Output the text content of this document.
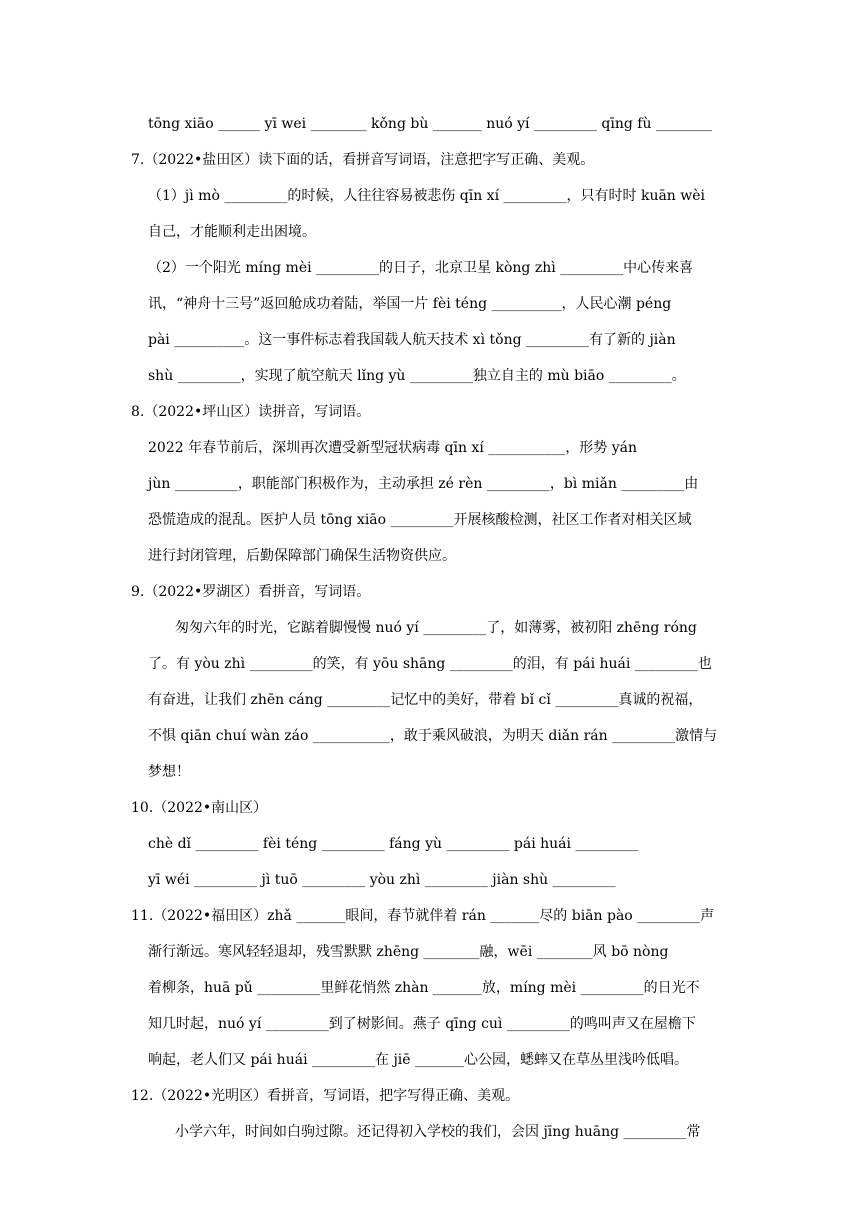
tōng xiāo ______ yī wei ________ kǒng bù _______ nuó yí _________ qīng fù ________
7.（2022•盐田区）读下面的话，看拼音写词语，注意把字写正确、美观。
（1）jì mò _________的时候，人往往容易被悲伤 qīn xí _________，只有时时 kuān wèi
自己，才能顺利走出困境。
（2）一个阳光 míng mèi _________的日子，北京卫星 kòng zhì _________中心传来喜
讯，“神舟十三号”返回舱成功着陆，举国一片 fèi téng __________，人民心潮 péng
pài __________。这一事件标志着我国载人航天技术 xì tǒng _________有了新的 jiàn
shù _________，实现了航空航天 lǐng yù _________独立自主的 mù biāo _________。
8.（2022•坪山区）读拼音，写词语。
2022 年春节前后，深圳再次遭受新型冠状病毒 qīn xí ___________，形势 yán
jùn _________，职能部门积极作为，主动承担 zé rèn _________，bì miǎn _________由
恐慌造成的混乱。医护人员 tōng xiāo _________开展核酸检测，社区工作者对相关区域
进行封闭管理，后勤保障部门确保生活物资供应。
9.（2022•罗湖区）看拼音，写词语。
匆匆六年的时光，它踮着脚慢慢 nuó yí _________了，如薄雾，被初阳 zhēng róng
了。有 yòu zhì _________的笑，有 yōu shāng _________的泪，有 pái huái _________也
有奋进，让我们 zhēn cáng _________记忆中的美好，带着 bǐ cǐ _________真诚的祝福，
不惧 qiān chuí wàn záo ___________，敢于乘风破浪，为明天 diǎn rán _________激情与
梦想！
10.（2022•南山区）
chè dǐ _________ fèi téng _________ fáng yù _________ pái huái _________
yī wéi _________ jì tuō _________ yòu zhì _________ jiàn shù _________
11.（2022•福田区）zhǎ _______眼间，春节就伴着 rán _______尽的 biān pào _________声
渐行渐远。寒风轻轻退却，残雪默默 zhēng ________融，wēi ________风 bō nòng
着柳条，huā pǔ _________里鲜花悄然 zhàn _______放，míng mèi _________的日光不
知几时起，nuó yí _________到了树影间。燕子 qīng cuì _________的鸣叫声又在屋檐下
响起，老人们又 pái huái _________在 jiē _______心公园，蟋蟀又在草丛里浅吟低唱。
12.（2022•光明区）看拼音，写词语，把字写得正确、美观。
小学六年，时间如白驹过隙。还记得初入学校的我们，会因 jīng huāng _________常
